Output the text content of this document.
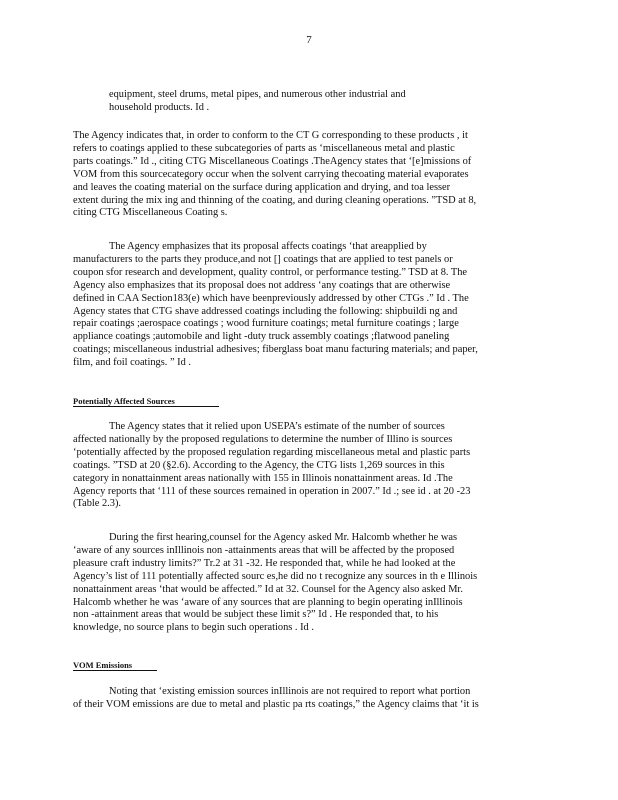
7
equipment, steel drums, metal pipes, and numerous other industrial and
household products. Id .
The Agency indicates that, in order to conform to the CT G corresponding to these products , it
refers to coatings applied to these subcategories of parts as ‘miscellaneous metal and plastic
parts coatings.” Id ., citing CTG Miscellaneous Coatings .TheAgency states that ‘[e]missions of
VOM from this sourcecategory occur when the solvent carrying thecoating material evaporates
and leaves the coating material on the surface during application and drying, and toa lesser
extent during the mix ing and thinning of the coating, and during cleaning operations. ”TSD at 8,
citing CTG Miscellaneous Coating s.
The Agency emphasizes that its proposal affects coatings ‘that areapplied by
manufacturers to the parts they produce,and not [] coatings that are applied to test panels or
coupon sfor research and development, quality control, or performance testing.” TSD at 8. The
Agency also emphasizes that its proposal does not address ‘any coatings that are otherwise
defined in CAA Section183(e) which have beenpreviously addressed by other CTGs .” Id . The
Agency states that CTG shave addressed coatings including the following: shipbuildi ng and
repair coatings ;aerospace coatings ; wood furniture coatings; metal furniture coatings ; large
appliance coatings ;automobile and light -duty truck assembly coatings ;flatwood paneling
coatings; miscellaneous industrial adhesives; fiberglass boat manu facturing materials; and paper,
film, and foil coatings. ” Id .
Potentially Affected Sources
The Agency states that it relied upon USEPA’s estimate of the number of sources
affected nationally by the proposed regulations to determine the number of Illino is sources
‘potentially affected by the proposed regulation regarding miscellaneous metal and plastic parts
coatings. ”TSD at 20 (§2.6). According to the Agency, the CTG lists 1,269 sources in this
category in nonattainment areas nationally with 155 in Illinois nonattainment areas. Id .The
Agency reports that ‘111 of these sources remained in operation in 2007.” Id .; see id . at 20 -23
(Table 2.3).
During the first hearing,counsel for the Agency asked Mr. Halcomb whether he was
‘aware of any sources inIllinois non -attainments areas that will be affected by the proposed
pleasure craft industry limits?” Tr.2 at 31 -32. He responded that, while he had looked at the
Agency’s list of 111 potentially affected sourc es,he did no t recognize any sources in th e Illinois
nonattainment areas ‘that would be affected.” Id at 32. Counsel for the Agency also asked Mr.
Halcomb whether he was ‘aware of any sources that are planning to begin operating inIllinois
non -attainment areas that would be subject these limit s?” Id . He responded that, to his
knowledge, no source plans to begin such operations . Id .
VOM Emissions
Noting that ‘existing emission sources inIllinois are not required to report what portion
of their VOM emissions are due to metal and plastic pa rts coatings,” the Agency claims that ‘it is
